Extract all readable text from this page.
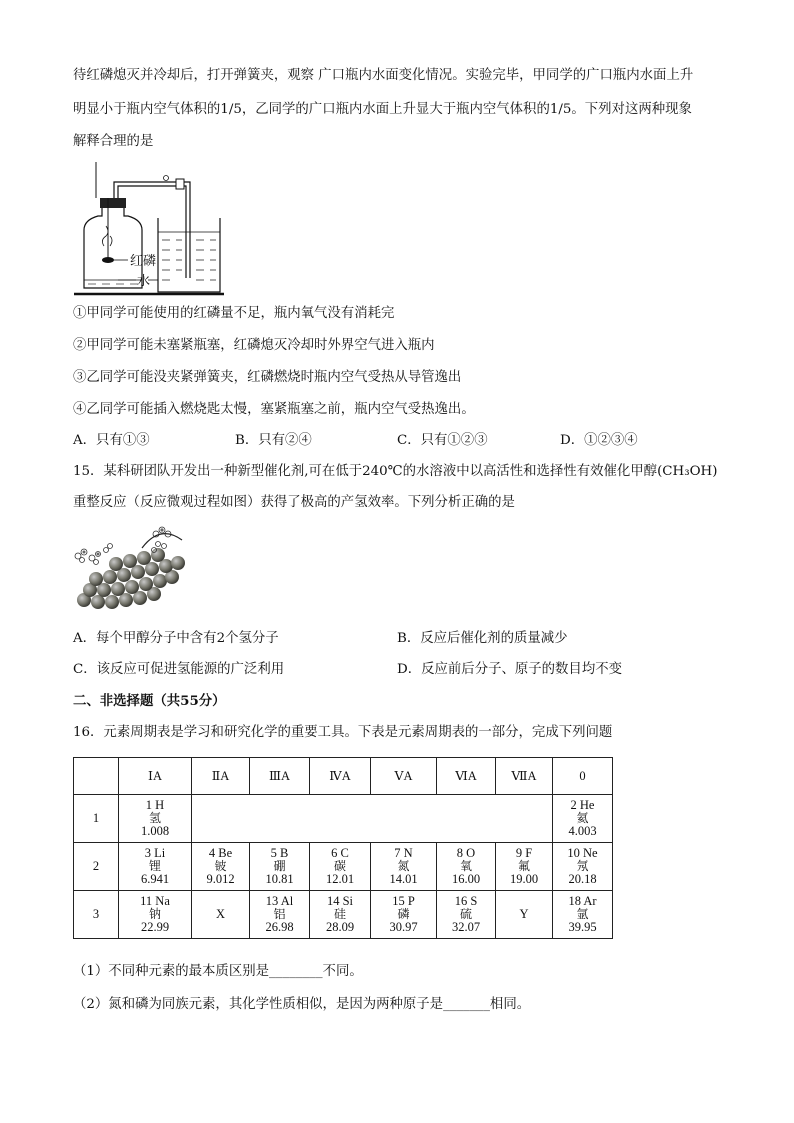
待红磷熄灭并冷却后，打开弹簧夹，观察 广口瓶内水面变化情况。实验完毕，甲同学的广口瓶内水面上升
明显小于瓶内空气体积的1/5，乙同学的广口瓶内水面上升显大于瓶内空气体积的1/5。下列对这两种现象
解释合理的是
红磷
水
①甲同学可能使用的红磷量不足，瓶内氧气没有消耗完
②甲同学可能未塞紧瓶塞，红磷熄灭冷却时外界空气进入瓶内
③乙同学可能没夹紧弹簧夹，红磷燃烧时瓶内空气受热从导管逸出
④乙同学可能插入燃烧匙太慢，塞紧瓶塞之前，瓶内空气受热逸出。
A．只有①③	B．只有②④	C．只有①②③	D．①②③④
15．某科研团队开发出一种新型催化剂,可在低于240℃的水溶液中以高活性和选择性有效催化甲醇(CH₃OH)
重整反应（反应微观过程如图）获得了极高的产氢效率。下列分析正确的是
A．每个甲醇分子中含有2个氢分子	B．反应后催化剂的质量减少
C．该反应可促进氢能源的广泛利用	D．反应前后分子、原子的数目均不变
二、非选择题（共55分）
16．元素周期表是学习和研究化学的重要工具。下表是元素周期表的一部分，完成下列问题
	ⅠA	ⅡA	ⅢA	ⅣA	ⅤA	ⅥA	ⅦA	0
1	1 H
氢
1.008							2 He
氦
4.003

2	3 Li
锂
6.941	4 Be
铍
9.012	5 B
硼
10.81	6 C
碳
12.01	7 N
氮
14.01	8 O
氧
16.00	9 F
氟
19.00	10 Ne
氖
20.18

3	11 Na
钠
22.99	X	13 Al
铝
26.98	14 Si
硅
28.09	15 P
磷
30.97	16 S
硫
32.07	Y	18 Ar
氩
39.95
（1）不同种元素的最本质区别是________不同。
（2）氮和磷为同族元素，其化学性质相似，是因为两种原子是_______相同。
